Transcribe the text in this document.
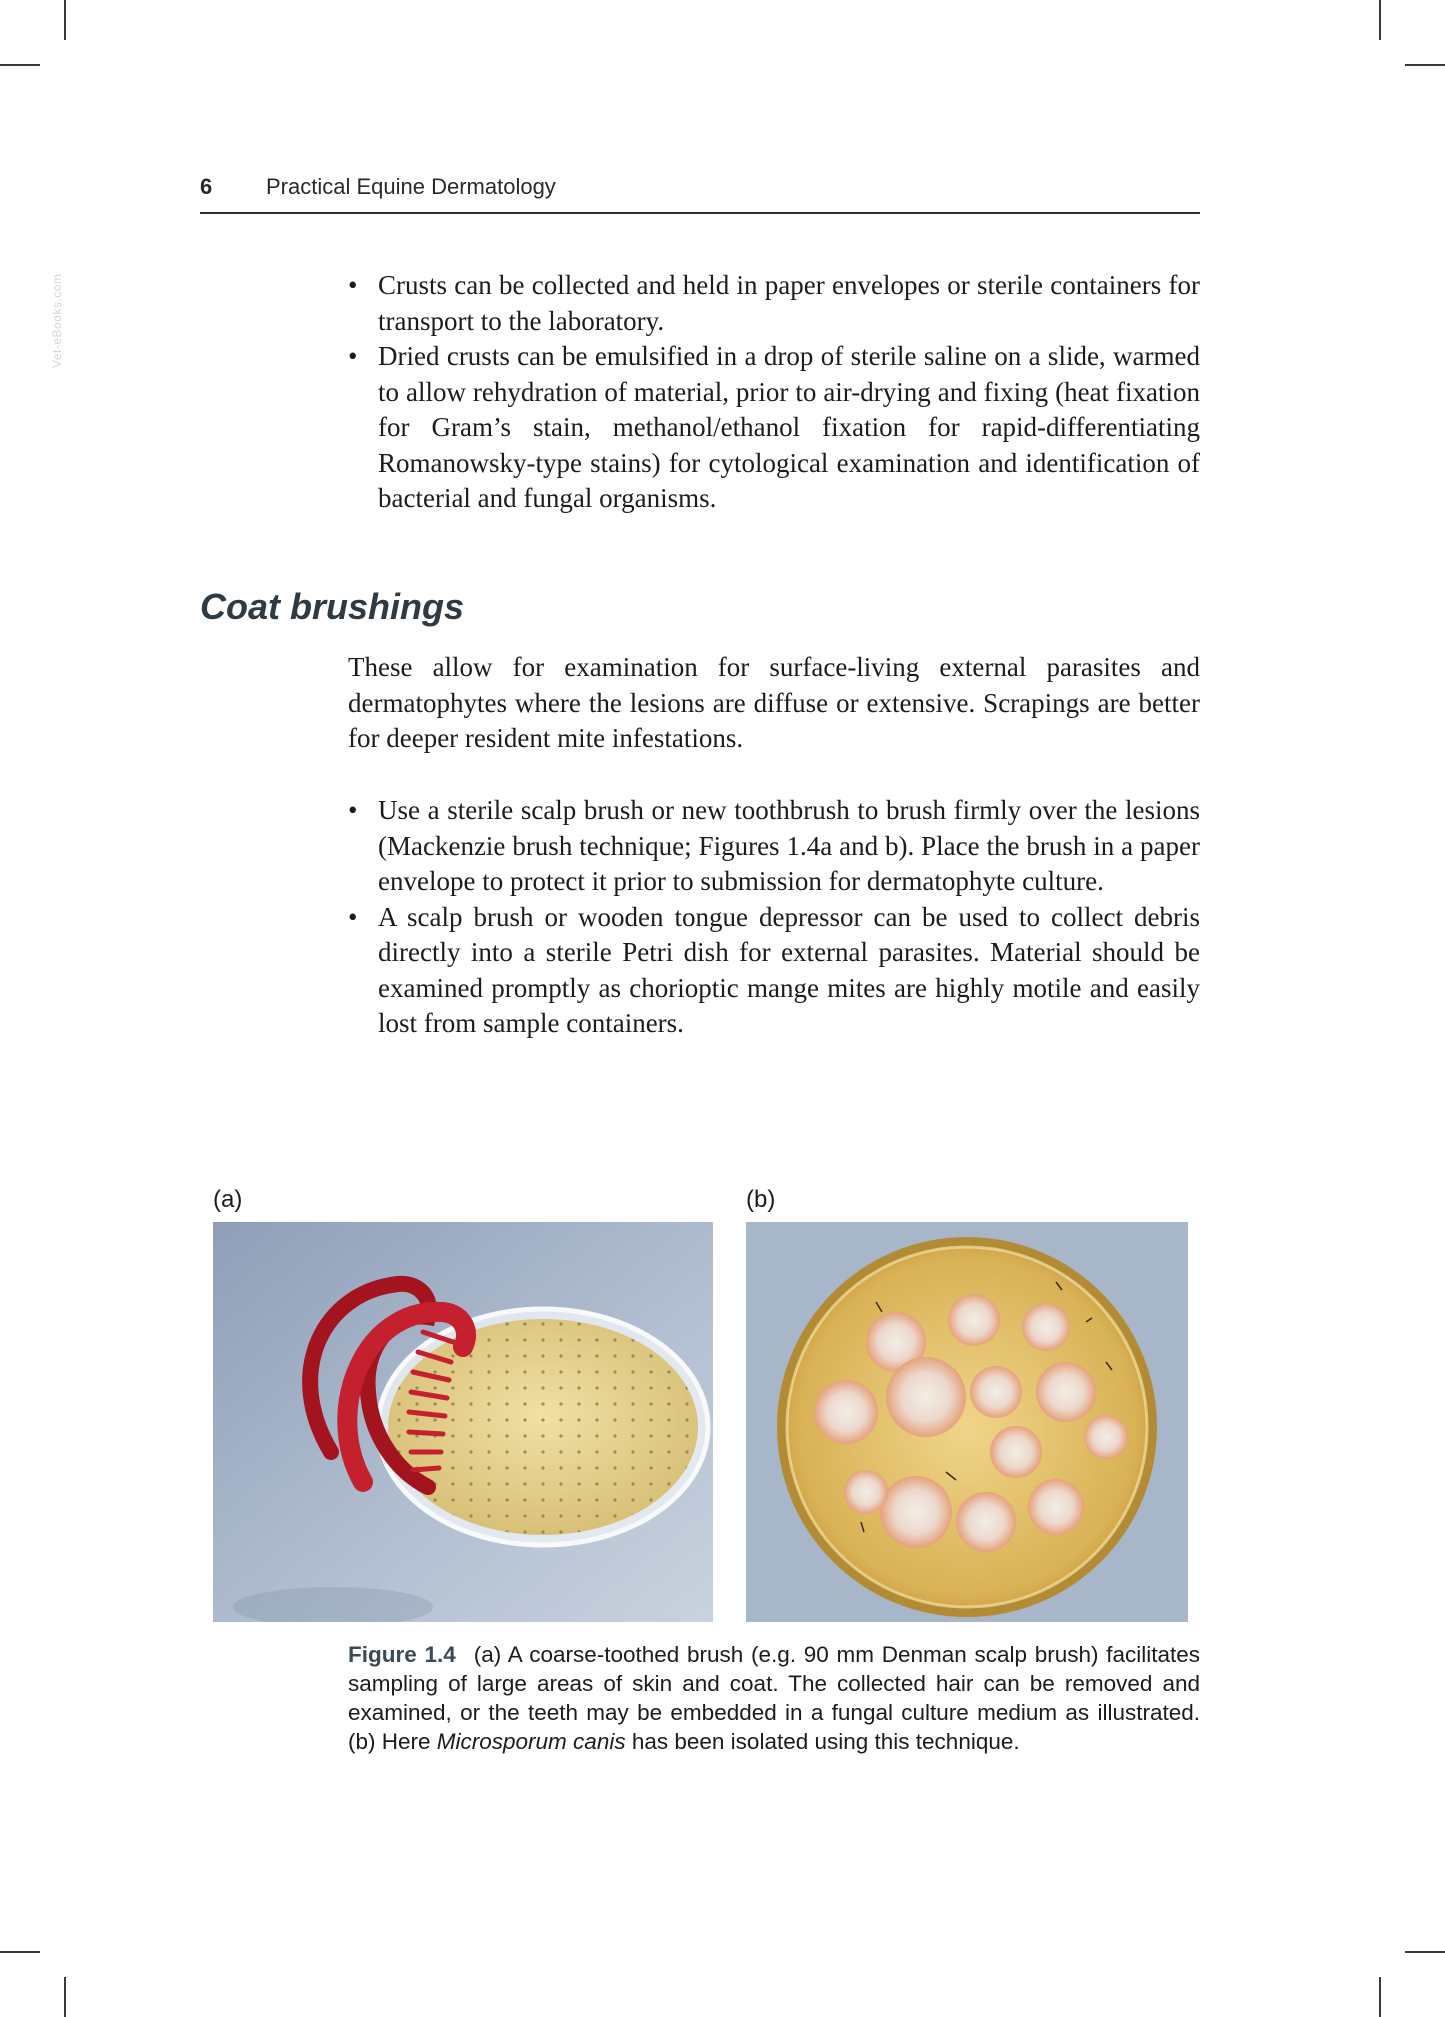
Vet-eBooks.com
6 Practical Equine Dermatology
• Crusts can be collected and held in paper envelopes or sterile containers for transport to the laboratory.
• Dried crusts can be emulsified in a drop of sterile saline on a slide, warmed to allow rehydration of material, prior to air-drying and fixing (heat fixation for Gram’s stain, methanol/ethanol fixation for rapid-differentiating Romanowsky-type stains) for cytological examination and identification of bacterial and fungal organisms.
Coat brushings

These allow for examination for surface-living external parasites and dermatophytes where the lesions are diffuse or extensive. Scrapings are better for deeper resident mite infestations.

• Use a sterile scalp brush or new toothbrush to brush firmly over the lesions (Mackenzie brush technique; Figures 1.4a and b). Place the brush in a paper envelope to protect it prior to submission for dermatophyte culture.
• A scalp brush or wooden tongue depressor can be used to collect debris directly into a sterile Petri dish for external parasites. Material should be examined promptly as chorioptic mange mites are highly motile and easily lost from sample containers.
(a)	(b)

Figure 1.4 (a) A coarse-toothed brush (e.g. 90 mm Denman scalp brush) facilitates sampling of large areas of skin and coat. The collected hair can be removed and examined, or the teeth may be embedded in a fungal culture medium as illustrated. (b) Here Microsporum canis has been isolated using this technique.
